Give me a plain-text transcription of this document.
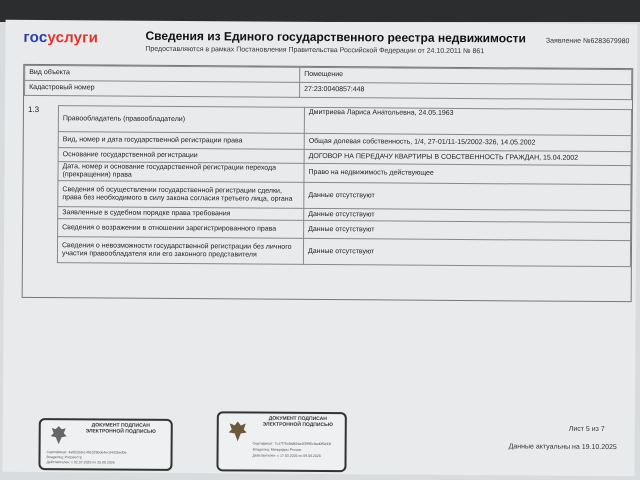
госуслуги	Сведения из Единого государственного реестра недвижимости
Предоставляются в рамках Постановления Правительства Российской Федерации от 24.10.2011 № 861
Заявление №6283679980
Вид объекта	Помещение
Кадастровый номер	27:23:0040857:448
1.3
Правообладатель (правообладатели)	Дмитриева Лариса Анатольевна, 24.05.1963
Вид, номер и дата государственной регистрации права	Общая долевая собственность, 1/4, 27-01/11-15/2002-326, 14.05.2002
Основание государственной регистрации	ДОГОВОР НА ПЕРЕДАЧУ КВАРТИРЫ В СОБСТВЕННОСТЬ ГРАЖДАН, 15.04.2002
Дата, номер и основание государственной регистрации перехода (прекращения) права	Право на недвижимость действующее
Сведения об осуществлении государственной регистрации сделки, права без необходимого в силу закона согласия третьего лица, органа	Данные отсутствуют
Заявленные в судебном порядке права требования	Данные отсутствуют
Сведения о возражении в отношении зарегистрированного права	Данные отсутствуют
Сведения о невозможности государственной регистрации без личного участия правообладателя или его законного представителя	Данные отсутствуют
ДОКУМЕНТ ПОДПИСАН ЭЛЕКТРОННОЙ ПОДПИСЬЮ
Сертификат: 4a0026de1461029bde4ecd4d35ed0e
Владелец: Росреестр
Действителен: с 02.07.2025 по 25.09.2026
ДОКУМЕНТ ПОДПИСАН ЭЛЕКТРОННОЙ ПОДПИСЬЮ
Сертификат: 7c47f75c6a8f2da4f3996c9ad0f5d43f
Владелец: Минцифры России
Действителен: с 17.03.2025 по 09.06.2026
Лист 5 из 7
Данные актуальны на 19.10.2025
